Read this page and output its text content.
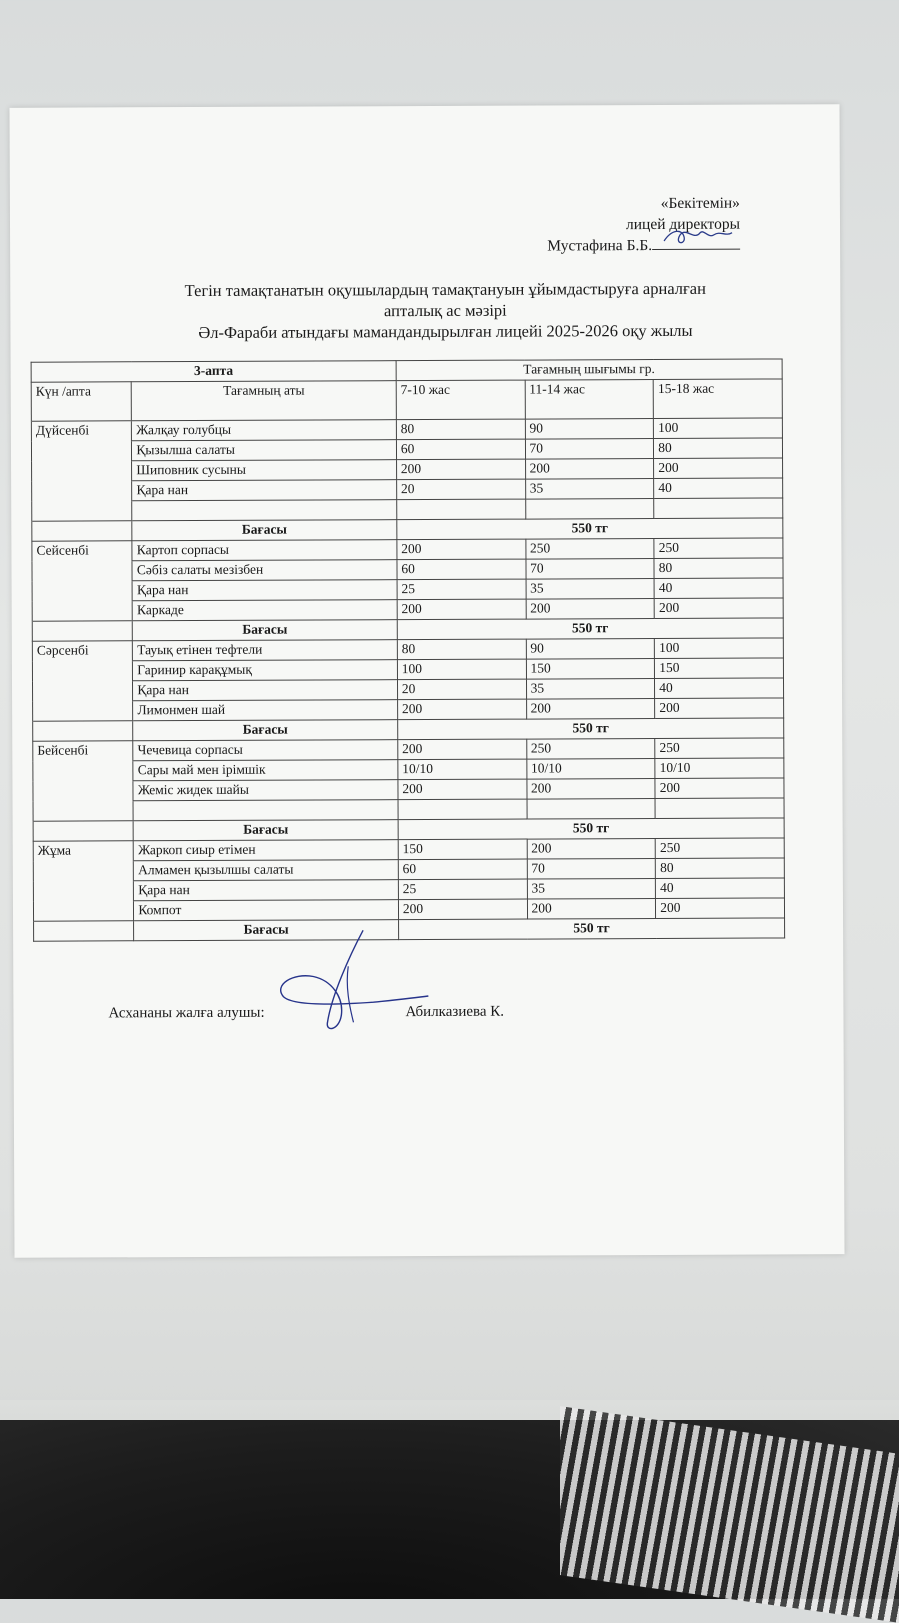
«Бекітемін»
лицей директоры
Мустафина Б.Б.
Тегін тамақтанатын оқушылардың тамақтануын ұйымдастыруға арналған
апталық ас мәзірі
Әл-Фараби атындағы мамандандырылған лицейі 2025-2026 оқу жылы
3-апта		Тағамның шығымы гр.		
Күн /апта	Тағамның аты	7-10 жас	11-14 жас	15-18 жас
Дүйсенбі	Жалқау голубцы	80	90	100
	Қызылша салаты	60	70	80
	Шиповник сусыны	200	200	200
	Қара нан	20	35	40

	Бағасы	550 тг		
Сейсенбі	Картоп сорпасы	200	250	250
	Сәбіз салаты мезізбен	60	70	80
	Қара нан	25	35	40
	Каркаде	200	200	200
	Бағасы	550 тг		
Сәрсенбі	Тауық етінен тефтели	80	90	100
	Гаринир карақұмық	100	150	150
	Қара нан	20	35	40
	Лимонмен шай	200	200	200
	Бағасы	550 тг		
Бейсенбі	Чечевица сорпасы	200	250	250
	Сары май мен ірімшік	10/10	10/10	10/10
	Жеміс жидек шайы	200	200	200

	Бағасы	550 тг		
Жұма	Жаркоп сиыр етімен	150	200	250
	Алмамен қызылшы салаты	60	70	80
	Қара нан	25	35	40
	Компот	200	200	200
	Бағасы	550 тг		
Асхананы жалға алушы:	Абилказиева К.
